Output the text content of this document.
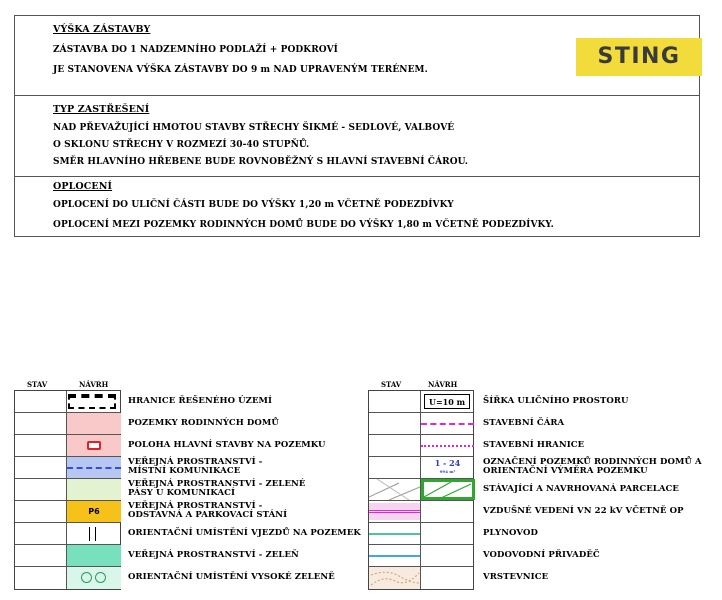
VÝŠKA ZÁSTAVBY
ZÁSTAVBA DO 1 NADZEMNÍHO PODLAŽÍ + PODKROVÍ
JE STANOVENA VÝŠKA ZÁSTAVBY DO 9 m NAD UPRAVENÝM TERÉNEM.
TYP ZASTŘEŠENÍ
NAD PŘEVAŽUJÍCÍ HMOTOU STAVBY STŘECHY ŠIKMÉ - SEDLOVÉ, VALBOVÉ
O SKLONU STŘECHY V ROZMEZÍ 30-40 STUPŇŮ.
SMĚR HLAVNÍHO HŘEBENE BUDE ROVNOBĚŽNÝ S HLAVNÍ STAVEBNÍ ČÁROU.
OPLOCENÍ
OPLOCENÍ DO ULIČNÍ ČÁSTI BUDE DO VÝŠKY 1,20 m VČETNĚ PODEZDÍVKY
OPLOCENÍ MEZI POZEMKY RODINNÝCH DOMŮ BUDE DO VÝŠKY 1,80 m VČETNĚ PODEZDÍVKY.
STING
STAV	NÁVRH
P6
HRANICE ŘEŠENÉHO ÚZEMÍ
POZEMKY RODINNÝCH DOMŮ
POLOHA HLAVNÍ STAVBY NA POZEMKU
VEŘEJNÁ PROSTRANSTVÍ - MÍSTNÍ KOMUNIKACE
VEŘEJNÁ PROSTRANSTVÍ - ZELENÉ PÁSY U KOMUNIKACÍ
VEŘEJNÁ PROSTRANSTVÍ - ODSTAVNÁ A PARKOVACÍ STÁNÍ
ORIENTAČNÍ UMÍSTĚNÍ VJEZDŮ NA POZEMEK
VEŘEJNÁ PROSTRANSTVÍ - ZELEŇ
ORIENTAČNÍ UMÍSTĚNÍ VYSOKÉ ZELENĚ
STAV	NÁVRH
U=10 m
1 - 24
994 m²
ŠÍŘKA ULIČNÍHO PROSTORU
STAVEBNÍ ČÁRA
STAVEBNÍ HRANICE
OZNAČENÍ POZEMKŮ RODINNÝCH DOMŮ A ORIENTAČNÍ VÝMĚRA POZEMKU
STÁVAJÍCÍ A NAVRHOVANÁ PARCELACE
VZDUŠNÉ VEDENÍ VN 22 kV VČETNĚ OP
PLYNOVOD
VODOVODNÍ PŘIVADĚČ
VRSTEVNICE
